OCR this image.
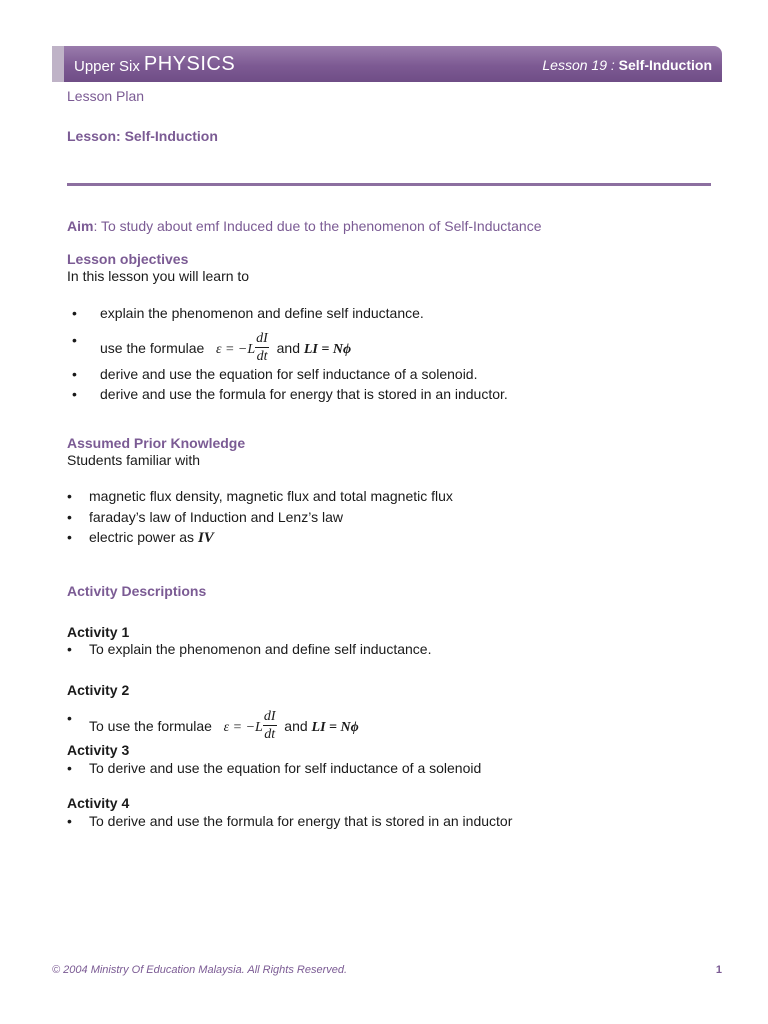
Upper Six PHYSICS	Lesson 19 : Self-Induction
Lesson Plan
Lesson: Self-Induction
Aim: To study about emf Induced due to the phenomenon of Self-Inductance
Lesson objectives
In this lesson you will learn to
• explain the phenomenon and define self inductance.
•
use the formulae $\varepsilon = -L \frac{dI}{dt}$ and LI = Nϕ
• derive and use the equation for self inductance of a solenoid.
• derive and use the formula for energy that is stored in an inductor.
Assumed Prior Knowledge
Students familiar with
• magnetic flux density, magnetic flux and total magnetic flux
• faraday’s law of Induction and Lenz’s law
• electric power as IV
Activity Descriptions
Activity 1
• To explain the phenomenon and define self inductance.
Activity 2
•
To use the formulae $\varepsilon = -L \frac{dI}{dt}$ and LI = Nϕ
Activity 3
• To derive and use the equation for self inductance of a solenoid
Activity 4
• To derive and use the formula for energy that is stored in an inductor
© 2004 Ministry Of Education Malaysia. All Rights Reserved.	1
